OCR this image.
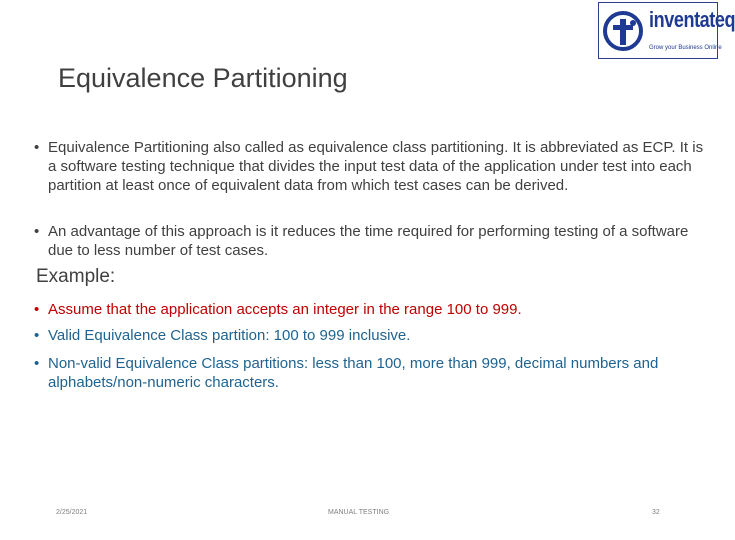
inventateq
Grow your Business Online
Equivalence Partitioning
• Equivalence Partitioning also called as equivalence class partitioning. It is abbreviated as ECP. It is a software testing technique that divides the input test data of the application under test into each partition at least once of equivalent data from which test cases can be derived.
• An advantage of this approach is it reduces the time required for performing testing of a software due to less number of test cases.
Example:
• Assume that the application accepts an integer in the range 100 to 999.
• Valid Equivalence Class partition: 100 to 999 inclusive.
• Non-valid Equivalence Class partitions: less than 100, more than 999, decimal numbers and alphabets/non-numeric characters.
2/25/2021	MANUAL TESTING	32
